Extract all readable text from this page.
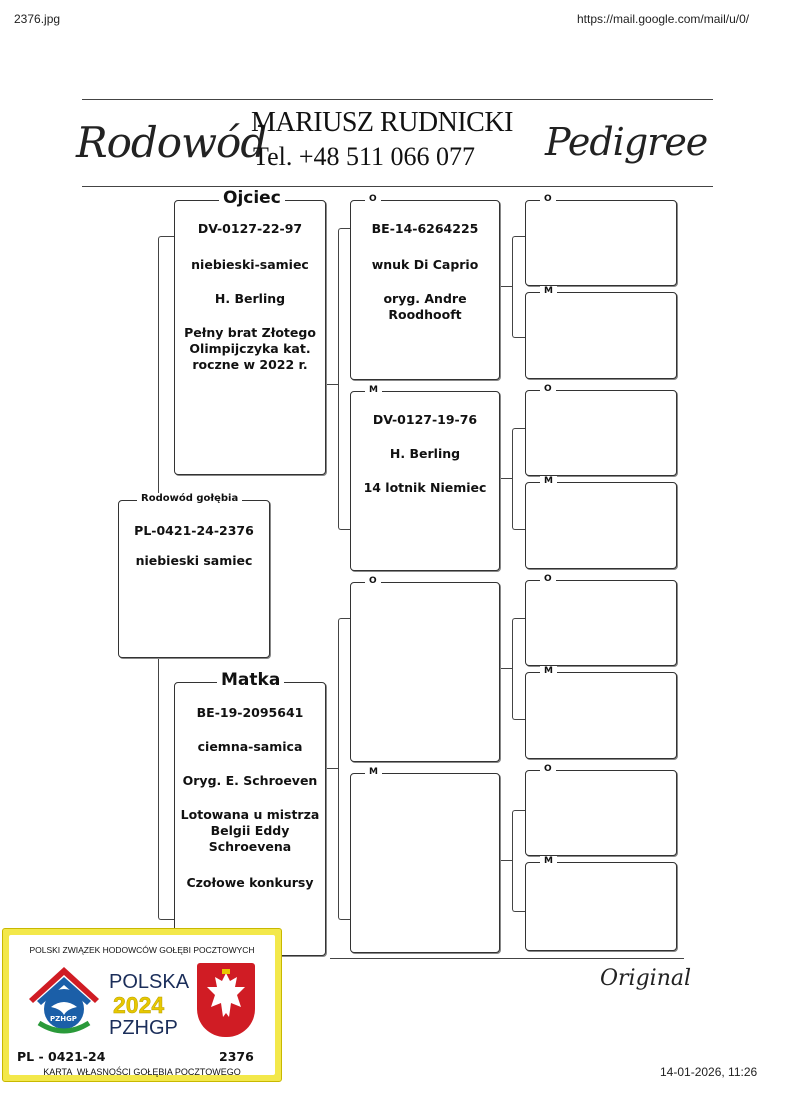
2376.jpg	https://mail.google.com/mail/u/0/
Rodowód
MARIUSZ RUDNICKI
Tel. +48 511 066 077 Pedigree
Rodowód gołębia
PL-0421-24-2376
niebieski samiec
Ojciec
DV-0127-22-97
niebieski-samiec
H. Berling
Pełny brat Złotego Olimpijczyka kat. roczne w 2022 r.
Matka
BE-19-2095641
ciemna-samica
Oryg. E. Schroeven
Lotowana u mistrza Belgii Eddy Schroevena
Czołowe konkursy
O
BE-14-6264225
wnuk Di Caprio
oryg. Andre Roodhooft
M
DV-0127-19-76
H. Berling
14 lotnik Niemiec
O
M
O
M
O
M
O
M
O
M
Original
POLSKI ZWIĄZEK HODOWCÓW GOŁĘBI POCZTOWYCH
PZHGP
POLSKA
2024
PZHGP
PL - 0421-24	2376
KARTA  WŁASNOŚCI GOŁĘBIA POCZTOWEGO	14-01-2026, 11:26
